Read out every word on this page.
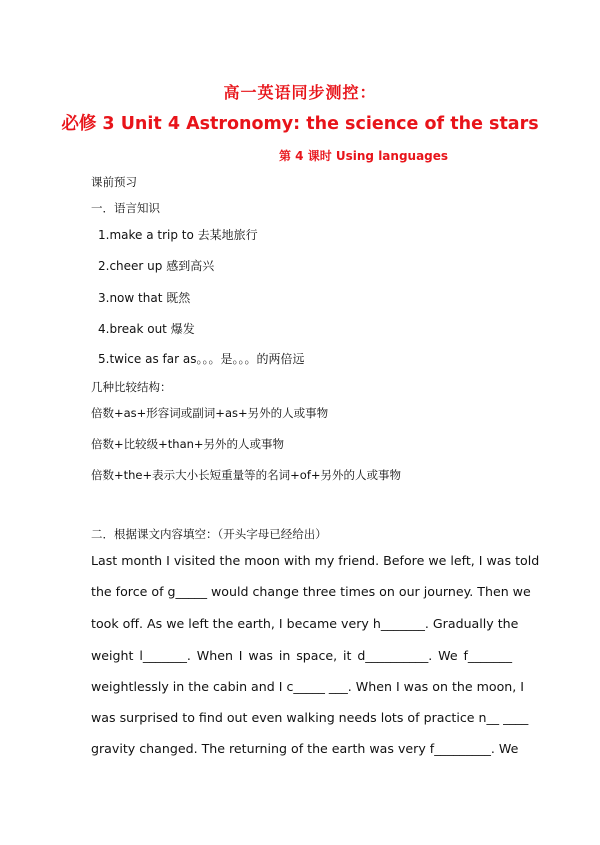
高一英语同步测控：
必修 3 Unit 4 Astronomy: the science of the stars
第 4 课时 Using languages
课前预习
一．语言知识
1.make a trip to 去某地旅行
2.cheer up 感到高兴
3.now that 既然
4.break out 爆发
5.twice as far as。。。是。。。的两倍远
几种比较结构：
倍数+as+形容词或副词+as+另外的人或事物
倍数+比较级+than+另外的人或事物
倍数+the+表示大小长短重量等的名词+of+另外的人或事物
二．根据课文内容填空：（开头字母已经给出）
Last month I visited the moon with my friend. Before we left, I was told
the force of g_____ would change three times on our journey. Then we
took off. As we left the earth, I became very h_______. Gradually the
weight l_______. When I was in space, it d__________. We f_______
weightlessly in the cabin and I c_____ ___. When I was on the moon, I
was surprised to find out even walking needs lots of practice n__ ____
gravity changed. The returning of the earth was very f_________. We
